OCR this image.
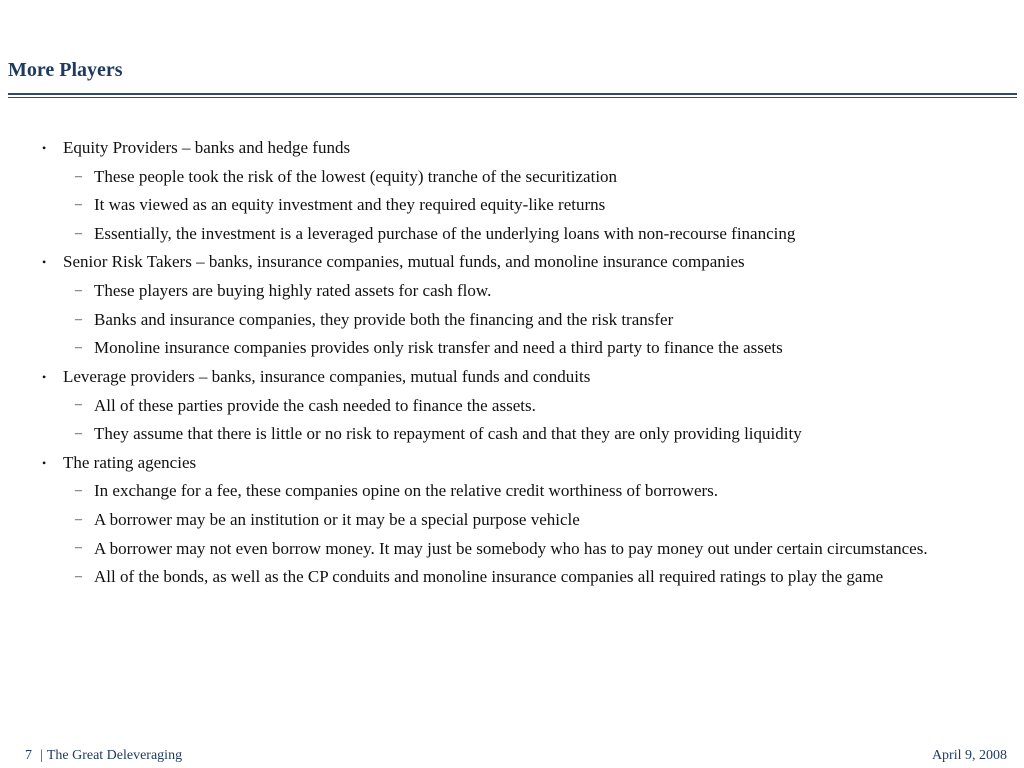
More Players
• Equity Providers – banks and hedge funds
– These people took the risk of the lowest (equity) tranche of the securitization
– It was viewed as an equity investment and they required equity-like returns
– Essentially, the investment is a leveraged purchase of the underlying loans with non-recourse financing
• Senior Risk Takers – banks, insurance companies, mutual funds, and monoline insurance companies
– These players are buying highly rated assets for cash flow.
– Banks and insurance companies, they provide both the financing and the risk transfer
– Monoline insurance companies provides only risk transfer and need a third party to finance the assets
• Leverage providers – banks, insurance companies, mutual funds and conduits
– All of these parties provide the cash needed to finance the assets.
– They assume that there is little or no risk to repayment of cash and that they are only providing liquidity
• The rating agencies
– In exchange for a fee, these companies opine on the relative credit worthiness of borrowers.
– A borrower may be an institution or it may be a special purpose vehicle
– A borrower may not even borrow money. It may just be somebody who has to pay money out under certain circumstances.
– All of the bonds, as well as the CP conduits and monoline insurance companies all required ratings to play the game
7 | The Great Deleveraging	April 9, 2008
